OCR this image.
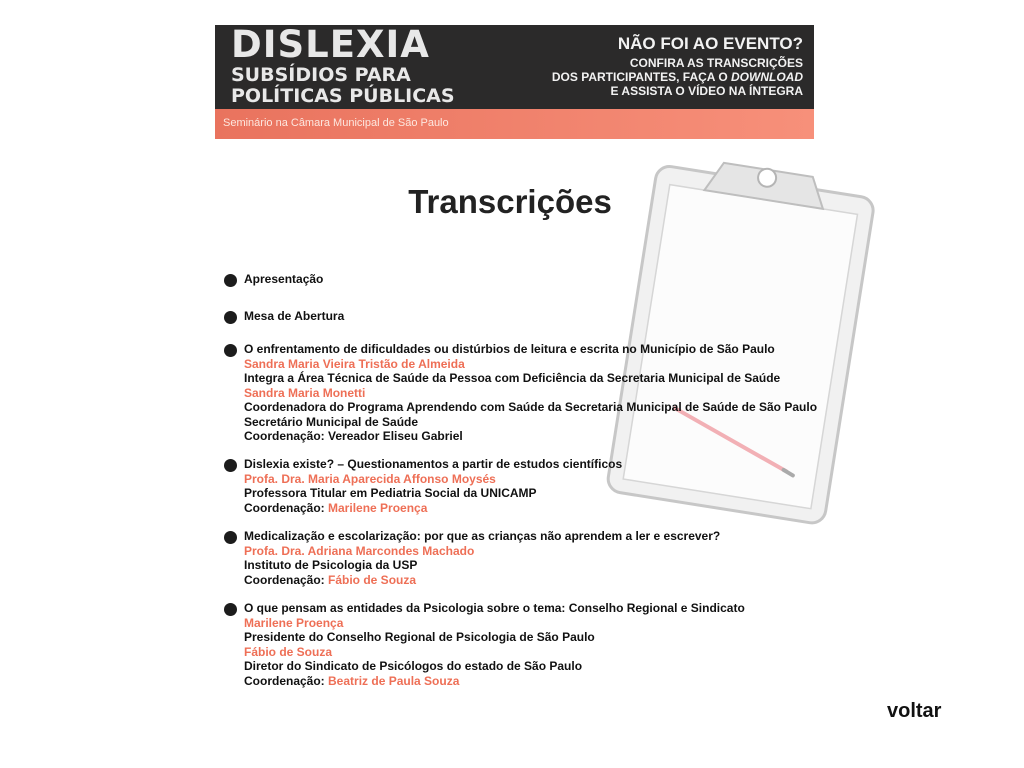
DISLEXIA
SUBSÍDIOS PARA
POLÍTICAS PÚBLICAS
NÃO FOI AO EVENTO?
CONFIRA AS TRANSCRIÇÕES
DOS PARTICIPANTES, FAÇA O DOWNLOAD
E ASSISTA O VÍDEO NA ÍNTEGRA
Seminário na Câmara Municipal de São Paulo
Transcrições
Apresentação
Mesa de Abertura
O enfrentamento de dificuldades ou distúrbios de leitura e escrita no Município de São Paulo
Sandra Maria Vieira Tristão de Almeida
Integra a Área Técnica de Saúde da Pessoa com Deficiência da Secretaria Municipal de Saúde
Sandra Maria Monetti
Coordenadora do Programa Aprendendo com Saúde da Secretaria Municipal de Saúde de São Paulo
Secretário Municipal de Saúde
Coordenação: Vereador Eliseu Gabriel
Dislexia existe? – Questionamentos a partir de estudos científicos
Profa. Dra. Maria Aparecida Affonso Moysés
Professora Titular em Pediatria Social da UNICAMP
Coordenação: Marilene Proença
Medicalização e escolarização: por que as crianças não aprendem a ler e escrever?
Profa. Dra. Adriana Marcondes Machado
Instituto de Psicologia da USP
Coordenação: Fábio de Souza
O que pensam as entidades da Psicologia sobre o tema: Conselho Regional e Sindicato
Marilene Proença
Presidente do Conselho Regional de Psicologia de São Paulo
Fábio de Souza
Diretor do Sindicato de Psicólogos do estado de São Paulo
Coordenação: Beatriz de Paula Souza
voltar
